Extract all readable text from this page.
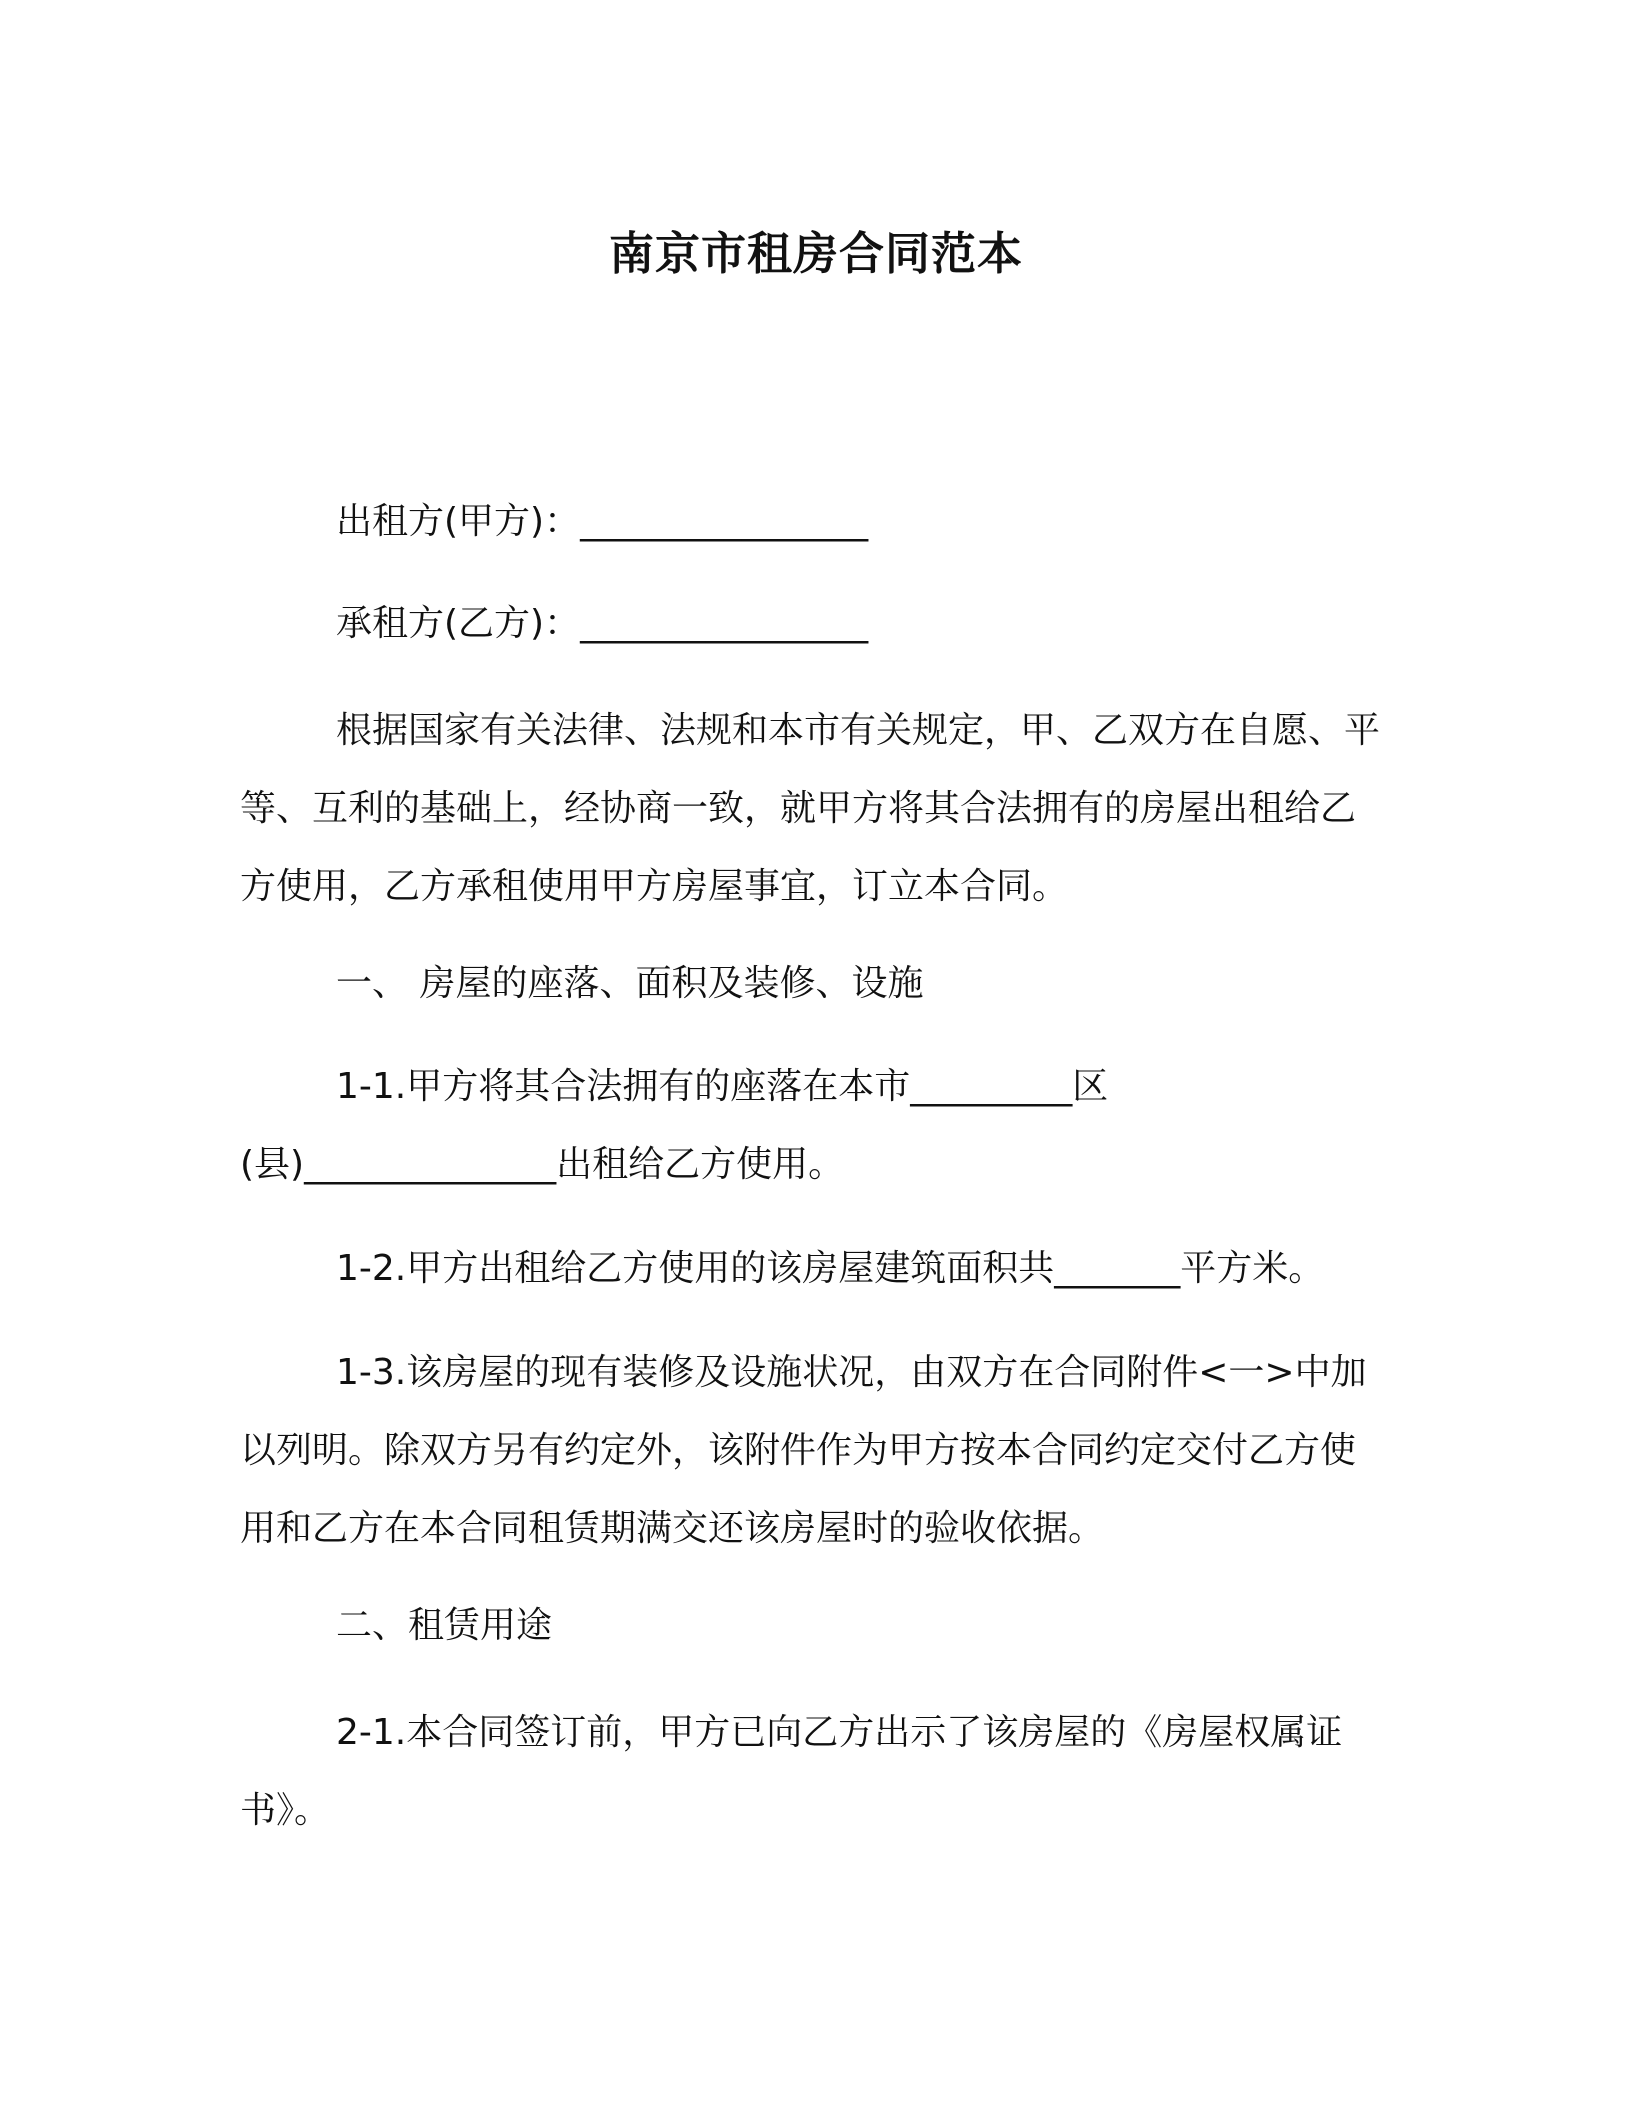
南京市租房合同范本
出租方(甲方)：________________
承租方(乙方)：________________

根据国家有关法律、法规和本市有关规定，甲、乙双方在自愿、平等、互利的基础上，经协商一致，就甲方将其合法拥有的房屋出租给乙方使用，乙方承租使用甲方房屋事宜，订立本合同。

一、 房屋的座落、面积及装修、设施
1-1.甲方将其合法拥有的座落在本市_________区
(县)______________出租给乙方使用。
1-2.甲方出租给乙方使用的该房屋建筑面积共_______平方米。

1-3.该房屋的现有装修及设施状况，由双方在合同附件<一>中加以列明。除双方另有约定外，该附件作为甲方按本合同约定交付乙方使用和乙方在本合同租赁期满交还该房屋时的验收依据。

二、租赁用途

2-1.本合同签订前，甲方已向乙方出示了该房屋的《房屋权属证书》。
